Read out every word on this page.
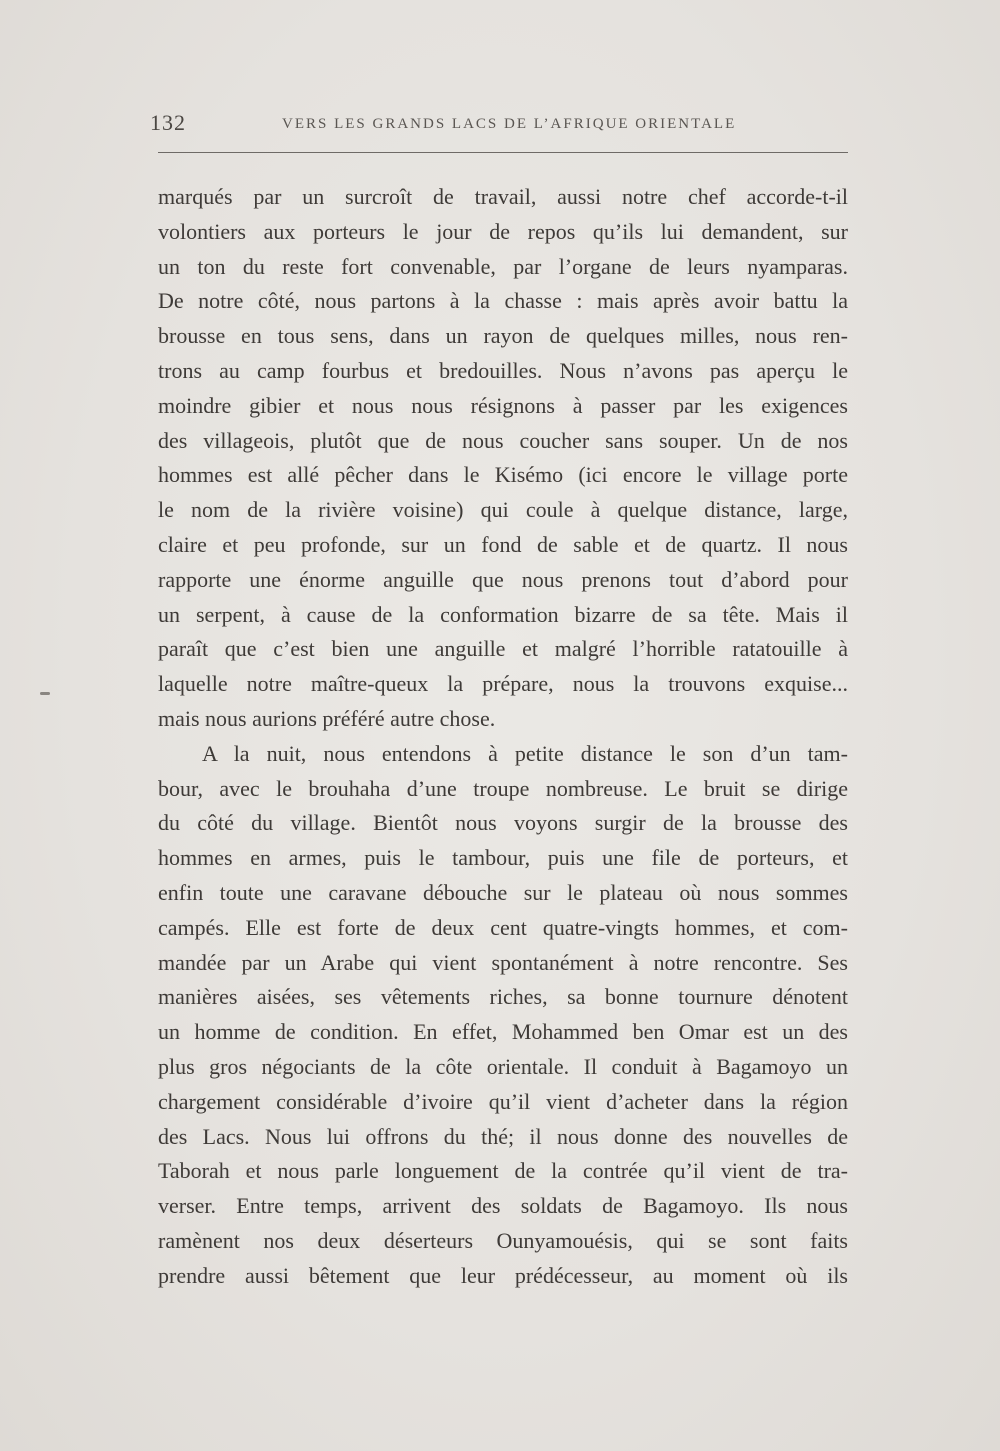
132	VERS LES GRANDS LACS DE L’AFRIQUE ORIENTALE
marqués par un surcroît de travail, aussi notre chef accorde-t-il
volontiers aux porteurs le jour de repos qu’ils lui demandent, sur
un ton du reste fort convenable, par l’organe de leurs nyamparas.
De notre côté, nous partons à la chasse : mais après avoir battu la
brousse en tous sens, dans un rayon de quelques milles, nous ren-
trons au camp fourbus et bredouilles. Nous n’avons pas aperçu le
moindre gibier et nous nous résignons à passer par les exigences
des villageois, plutôt que de nous coucher sans souper. Un de nos
hommes est allé pêcher dans le Kisémo (ici encore le village porte
le nom de la rivière voisine) qui coule à quelque distance, large,
claire et peu profonde, sur un fond de sable et de quartz. Il nous
rapporte une énorme anguille que nous prenons tout d’abord pour
un serpent, à cause de la conformation bizarre de sa tête. Mais il
paraît que c’est bien une anguille et malgré l’horrible ratatouille à
laquelle notre maître-queux la prépare, nous la trouvons exquise...
mais nous aurions préféré autre chose.
A la nuit, nous entendons à petite distance le son d’un tam-
bour, avec le brouhaha d’une troupe nombreuse. Le bruit se dirige
du côté du village. Bientôt nous voyons surgir de la brousse des
hommes en armes, puis le tambour, puis une file de porteurs, et
enfin toute une caravane débouche sur le plateau où nous sommes
campés. Elle est forte de deux cent quatre-vingts hommes, et com-
mandée par un Arabe qui vient spontanément à notre rencontre. Ses
manières aisées, ses vêtements riches, sa bonne tournure dénotent
un homme de condition. En effet, Mohammed ben Omar est un des
plus gros négociants de la côte orientale. Il conduit à Bagamoyo un
chargement considérable d’ivoire qu’il vient d’acheter dans la région
des Lacs. Nous lui offrons du thé; il nous donne des nouvelles de
Taborah et nous parle longuement de la contrée qu’il vient de tra-
verser. Entre temps, arrivent des soldats de Bagamoyo. Ils nous
ramènent nos deux déserteurs Ounyamouésis, qui se sont faits
prendre aussi bêtement que leur prédécesseur, au moment où ils
